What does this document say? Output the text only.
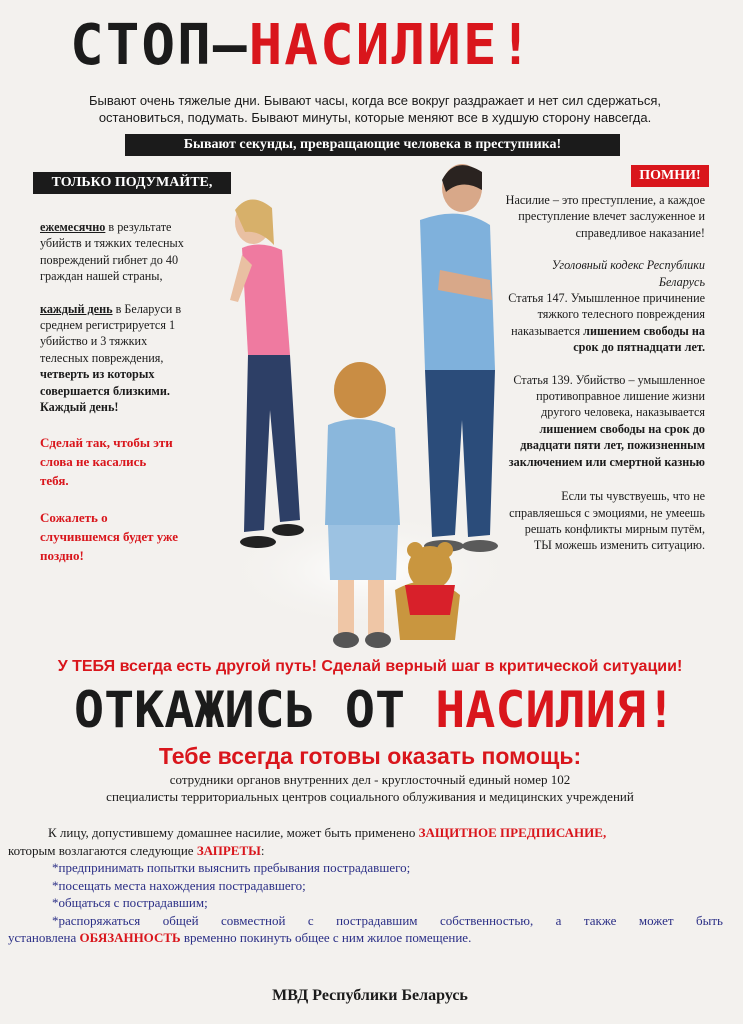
СТОП–НАСИЛИЕ!
Бывают очень тяжелые дни. Бывают часы, когда все вокруг раздражает и нет сил сдержаться,
остановиться, подумать. Бывают минуты, которые меняют все в худшую сторону навсегда.
Бывают секунды, превращающие человека в преступника!
ТОЛЬКО ПОДУМАЙТЕ,	ПОМНИ!
ежемесячно в результате убийств и тяжких телесных повреждений гибнет до 40 граждан нашей страны,
каждый день в Беларуси в среднем регистрируется 1 убийство и 3 тяжких телесных повреждения, четверть из которых совершается близкими. Каждый день!
Сделай так, чтобы эти слова не касались тебя.
Сожалеть о случившемся будет уже поздно!
Насилие – это преступление, а каждое преступление влечет заслуженное и справедливое наказание!
Уголовный кодекс Республики Беларусь
Статья 147. Умышленное причинение тяжкого телесного повреждения наказывается лишением свободы на срок до пятнадцати лет.
Статья 139. Убийство – умышленное противоправное лишение жизни другого человека, наказывается лишением свободы на срок до двадцати пяти лет, пожизненным заключением или смертной казнью
Если ты чувствуешь, что не справляешься с эмоциями, не умеешь решать конфликты мирным путём, ТЫ можешь изменить ситуацию.
У ТЕБЯ всегда есть другой путь! Сделай верный шаг в критической ситуации!
ОТКАЖИСЬ ОТ НАСИЛИЯ!
Тебе всегда готовы оказать помощь:
сотрудники органов внутренних дел - круглосточный единый номер 102
специалисты территориальных центров социального облуживания и медицинских учреждений
К лицу, допустившему домашнее насилие, может быть применено ЗАЩИТНОЕ ПРЕДПИСАНИЕ,
которым возлагаются следующие ЗАПРЕТЫ:
*предпринимать попытки выяснить пребывания пострадавшего;
*посещать места нахождения пострадавшего;
*общаться с пострадавшим;
*распоряжаться общей совместной с пострадавшим собственностью, а также может быть
установлена ОБЯЗАННОСТЬ временно покинуть общее с ним жилое помещение.
МВД Республики Беларусь
